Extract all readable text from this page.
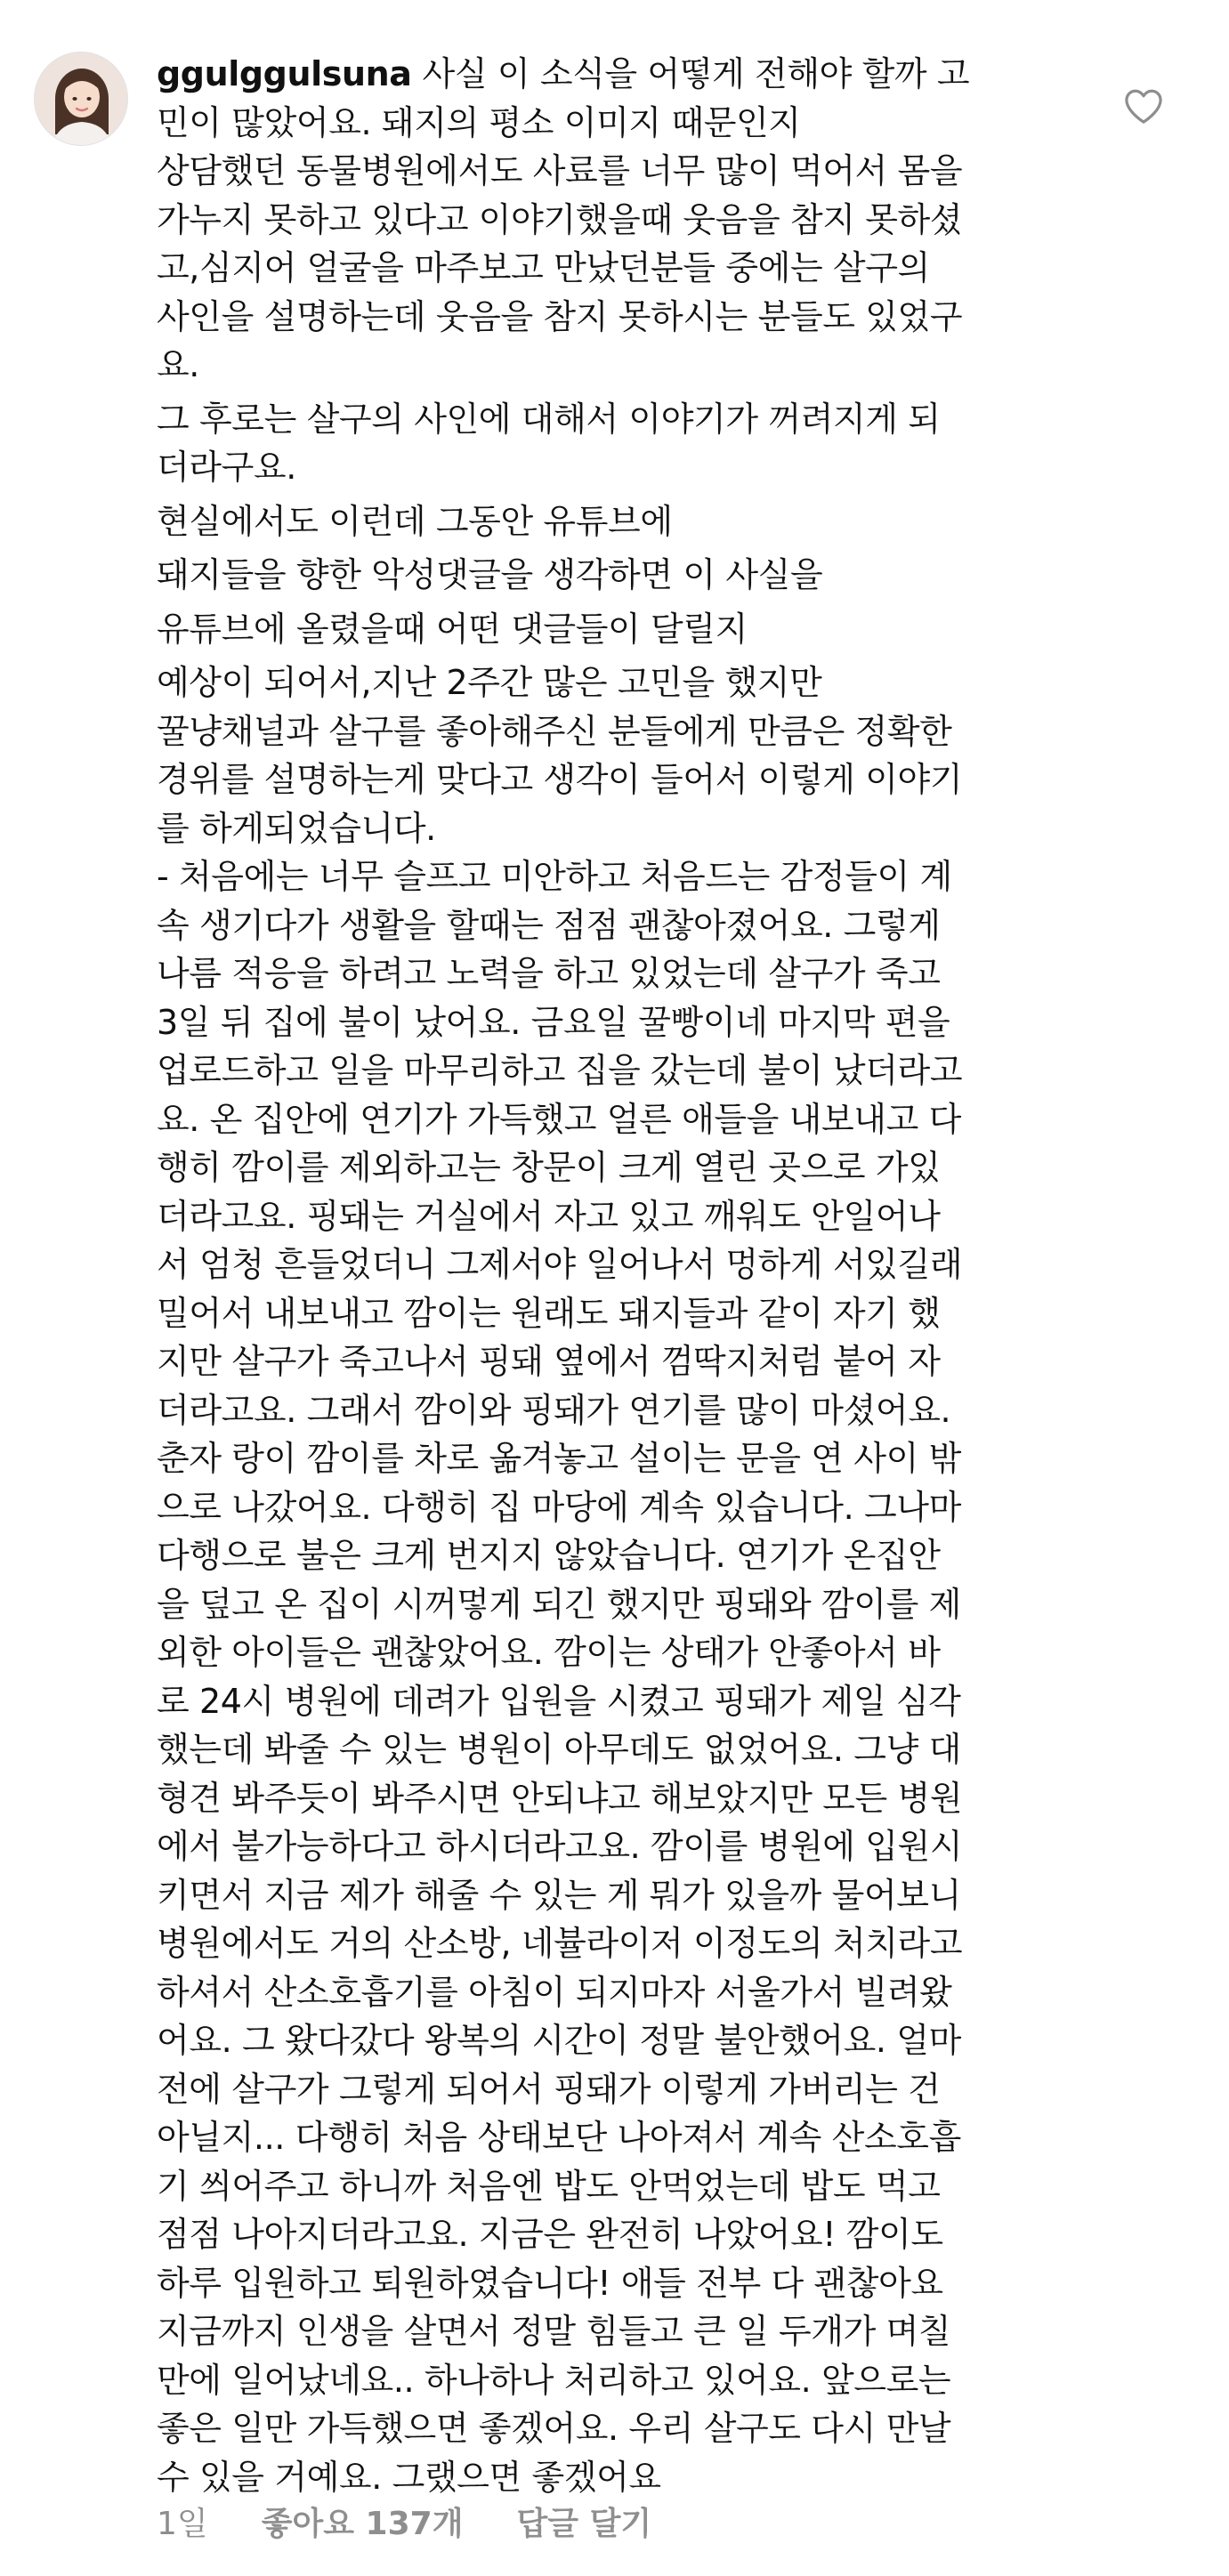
ggulggulsuna 사실 이 소식을 어떻게 전해야 할까 고
민이 많았어요. 돼지의 평소 이미지 때문인지
상담했던 동물병원에서도 사료를 너무 많이 먹어서 몸을
가누지 못하고 있다고 이야기했을때 웃음을 참지 못하셨
고,심지어 얼굴을 마주보고 만났던분들 중에는 살구의
사인을 설명하는데 웃음을 참지 못하시는 분들도 있었구
요.
그 후로는 살구의 사인에 대해서 이야기가 꺼려지게 되
더라구요.
현실에서도 이런데 그동안 유튜브에
돼지들을 향한 악성댓글을 생각하면 이 사실을
유튜브에 올렸을때 어떤 댓글들이 달릴지
예상이 되어서,지난 2주간 많은 고민을 했지만
꿀냥채널과 살구를 좋아해주신 분들에게 만큼은 정확한
경위를 설명하는게 맞다고 생각이 들어서 이렇게 이야기
를 하게되었습니다.
- 처음에는 너무 슬프고 미안하고 처음드는 감정들이 계
속 생기다가 생활을 할때는 점점 괜찮아졌어요. 그렇게
나름 적응을 하려고 노력을 하고 있었는데 살구가 죽고
3일 뒤 집에 불이 났어요. 금요일 꿀빵이네 마지막 편을
업로드하고 일을 마무리하고 집을 갔는데 불이 났더라고
요. 온 집안에 연기가 가득했고 얼른 애들을 내보내고 다
행히 깜이를 제외하고는 창문이 크게 열린 곳으로 가있
더라고요. 핑돼는 거실에서 자고 있고 깨워도 안일어나
서 엄청 흔들었더니 그제서야 일어나서 멍하게 서있길래
밀어서 내보내고 깜이는 원래도 돼지들과 같이 자기 했
지만 살구가 죽고나서 핑돼 옆에서 껌딱지처럼 붙어 자
더라고요. 그래서 깜이와 핑돼가 연기를 많이 마셨어요.
춘자 랑이 깜이를 차로 옮겨놓고 설이는 문을 연 사이 밖
으로 나갔어요. 다행히 집 마당에 계속 있습니다. 그나마
다행으로 불은 크게 번지지 않았습니다. 연기가 온집안
을 덮고 온 집이 시꺼멓게 되긴 했지만 핑돼와 깜이를 제
외한 아이들은 괜찮았어요. 깜이는 상태가 안좋아서 바
로 24시 병원에 데려가 입원을 시켰고 핑돼가 제일 심각
했는데 봐줄 수 있는 병원이 아무데도 없었어요. 그냥 대
형견 봐주듯이 봐주시면 안되냐고 해보았지만 모든 병원
에서 불가능하다고 하시더라고요. 깜이를 병원에 입원시
키면서 지금 제가 해줄 수 있는 게 뭐가 있을까 물어보니
병원에서도 거의 산소방, 네뷸라이저 이정도의 처치라고
하셔서 산소호흡기를 아침이 되지마자 서울가서 빌려왔
어요. 그 왔다갔다 왕복의 시간이 정말 불안했어요. 얼마
전에 살구가 그렇게 되어서 핑돼가 이렇게 가버리는 건
아닐지... 다행히 처음 상태보단 나아져서 계속 산소호흡
기 씌어주고 하니까 처음엔 밥도 안먹었는데 밥도 먹고
점점 나아지더라고요. 지금은 완전히 나았어요! 깜이도
하루 입원하고 퇴원하였습니다! 애들 전부 다 괜찮아요
지금까지 인생을 살면서 정말 힘들고 큰 일 두개가 며칠
만에 일어났네요.. 하나하나 처리하고 있어요. 앞으로는
좋은 일만 가득했으면 좋겠어요. 우리 살구도 다시 만날
수 있을 거예요. 그랬으면 좋겠어요
1일 좋아요 137개 답글 달기
